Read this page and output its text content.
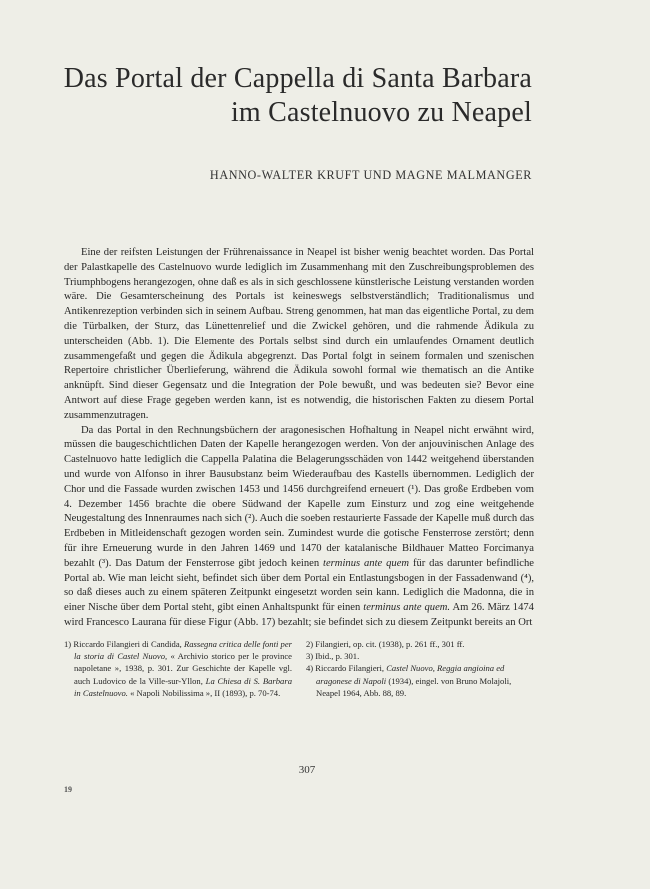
Das Portal der Cappella di Santa Barbara
im Castelnuovo zu Neapel
HANNO-WALTER KRUFT UND MAGNE MALMANGER

Eine der reifsten Leistungen der Frührenaissance in Neapel ist bisher wenig beachtet worden. Das Portal der Palastkapelle des Castelnuovo wurde lediglich im Zusammenhang mit den Zuschreibungsproblemen des Triumphbogens herangezogen, ohne daß es als in sich geschlossene künstlerische Leistung verstanden worden wäre. Die Gesamterscheinung des Portals ist keineswegs selbstverständlich; Traditionalismus und Antikenrezeption verbinden sich in seinem Aufbau. Streng genommen, hat man das eigentliche Portal, zu dem die Türbalken, der Sturz, das Lünettenrelief und die Zwickel gehören, und die rahmende Ädikula zu unterscheiden (Abb. 1). Die Elemente des Portals selbst sind durch ein umlaufendes Ornament deutlich zusammengefaßt und gegen die Ädikula abgegrenzt. Das Portal folgt in seinem formalen und szenischen Repertoire christlicher Überlieferung, während die Ädikula sowohl formal wie thematisch an die Antike anknüpft. Sind dieser Gegensatz und die Integration der Pole bewußt, und was bedeuten sie? Bevor eine Antwort auf diese Frage gegeben werden kann, ist es notwendig, die historischen Fakten zu diesem Portal zusammenzutragen.

Da das Portal in den Rechnungsbüchern der aragonesischen Hofhaltung in Neapel nicht erwähnt wird, müssen die baugeschichtlichen Daten der Kapelle herangezogen werden. Von der anjouvinischen Anlage des Castelnuovo hatte lediglich die Cappella Palatina die Belagerungsschäden von 1442 weitgehend überstanden und wurde von Alfonso in ihrer Bausubstanz beim Wiederaufbau des Kastells übernommen. Lediglich der Chor und die Fassade wurden zwischen 1453 und 1456 durchgreifend erneuert (¹). Das große Erdbeben vom 4. Dezember 1456 brachte die obere Südwand der Kapelle zum Einsturz und zog eine weitgehende Neugestaltung des Innenraumes nach sich (²). Auch die soeben restaurierte Fassade der Kapelle muß durch das Erdbeben in Mitleidenschaft gezogen worden sein. Zumindest wurde die gotische Fensterrose zerstört; denn für ihre Erneuerung wurde in den Jahren 1469 und 1470 der katalanische Bildhauer Matteo Forcimanya bezahlt (³). Das Datum der Fensterrose gibt jedoch keinen terminus ante quem für das darunter befindliche Portal ab. Wie man leicht sieht, befindet sich über dem Portal ein Entlastungsbogen in der Fassadenwand (⁴), so daß dieses auch zu einem späteren Zeitpunkt eingesetzt worden sein kann. Lediglich die Madonna, die in einer Nische über dem Portal steht, gibt einen Anhaltspunkt für einen terminus ante quem. Am 26. März 1474 wird Francesco Laurana für diese Figur (Abb. 17) bezahlt; sie befindet sich zu diesem Zeitpunkt bereits an Ort

1) Riccardo Filangieri di Candida, Rassegna critica delle fonti per la storia di Castel Nuovo, « Archivio storico per le province napoletane », 1938, p. 301. Zur Geschichte der Kapelle vgl. auch Ludovico de la Ville-sur-Yllon, La Chiesa di S. Barbara in Castelnuovo. « Napoli Nobilissima », II (1893), p. 70-74.

2) Filangieri, op. cit. (1938), p. 261 ff., 301 ff.

3) Ibid., p. 301.

4) Riccardo Filangieri, Castel Nuovo, Reggia angioina ed aragonese di Napoli (1934), eingel. von Bruno Molajoli, Neapel 1964, Abb. 88, 89.

307
19
